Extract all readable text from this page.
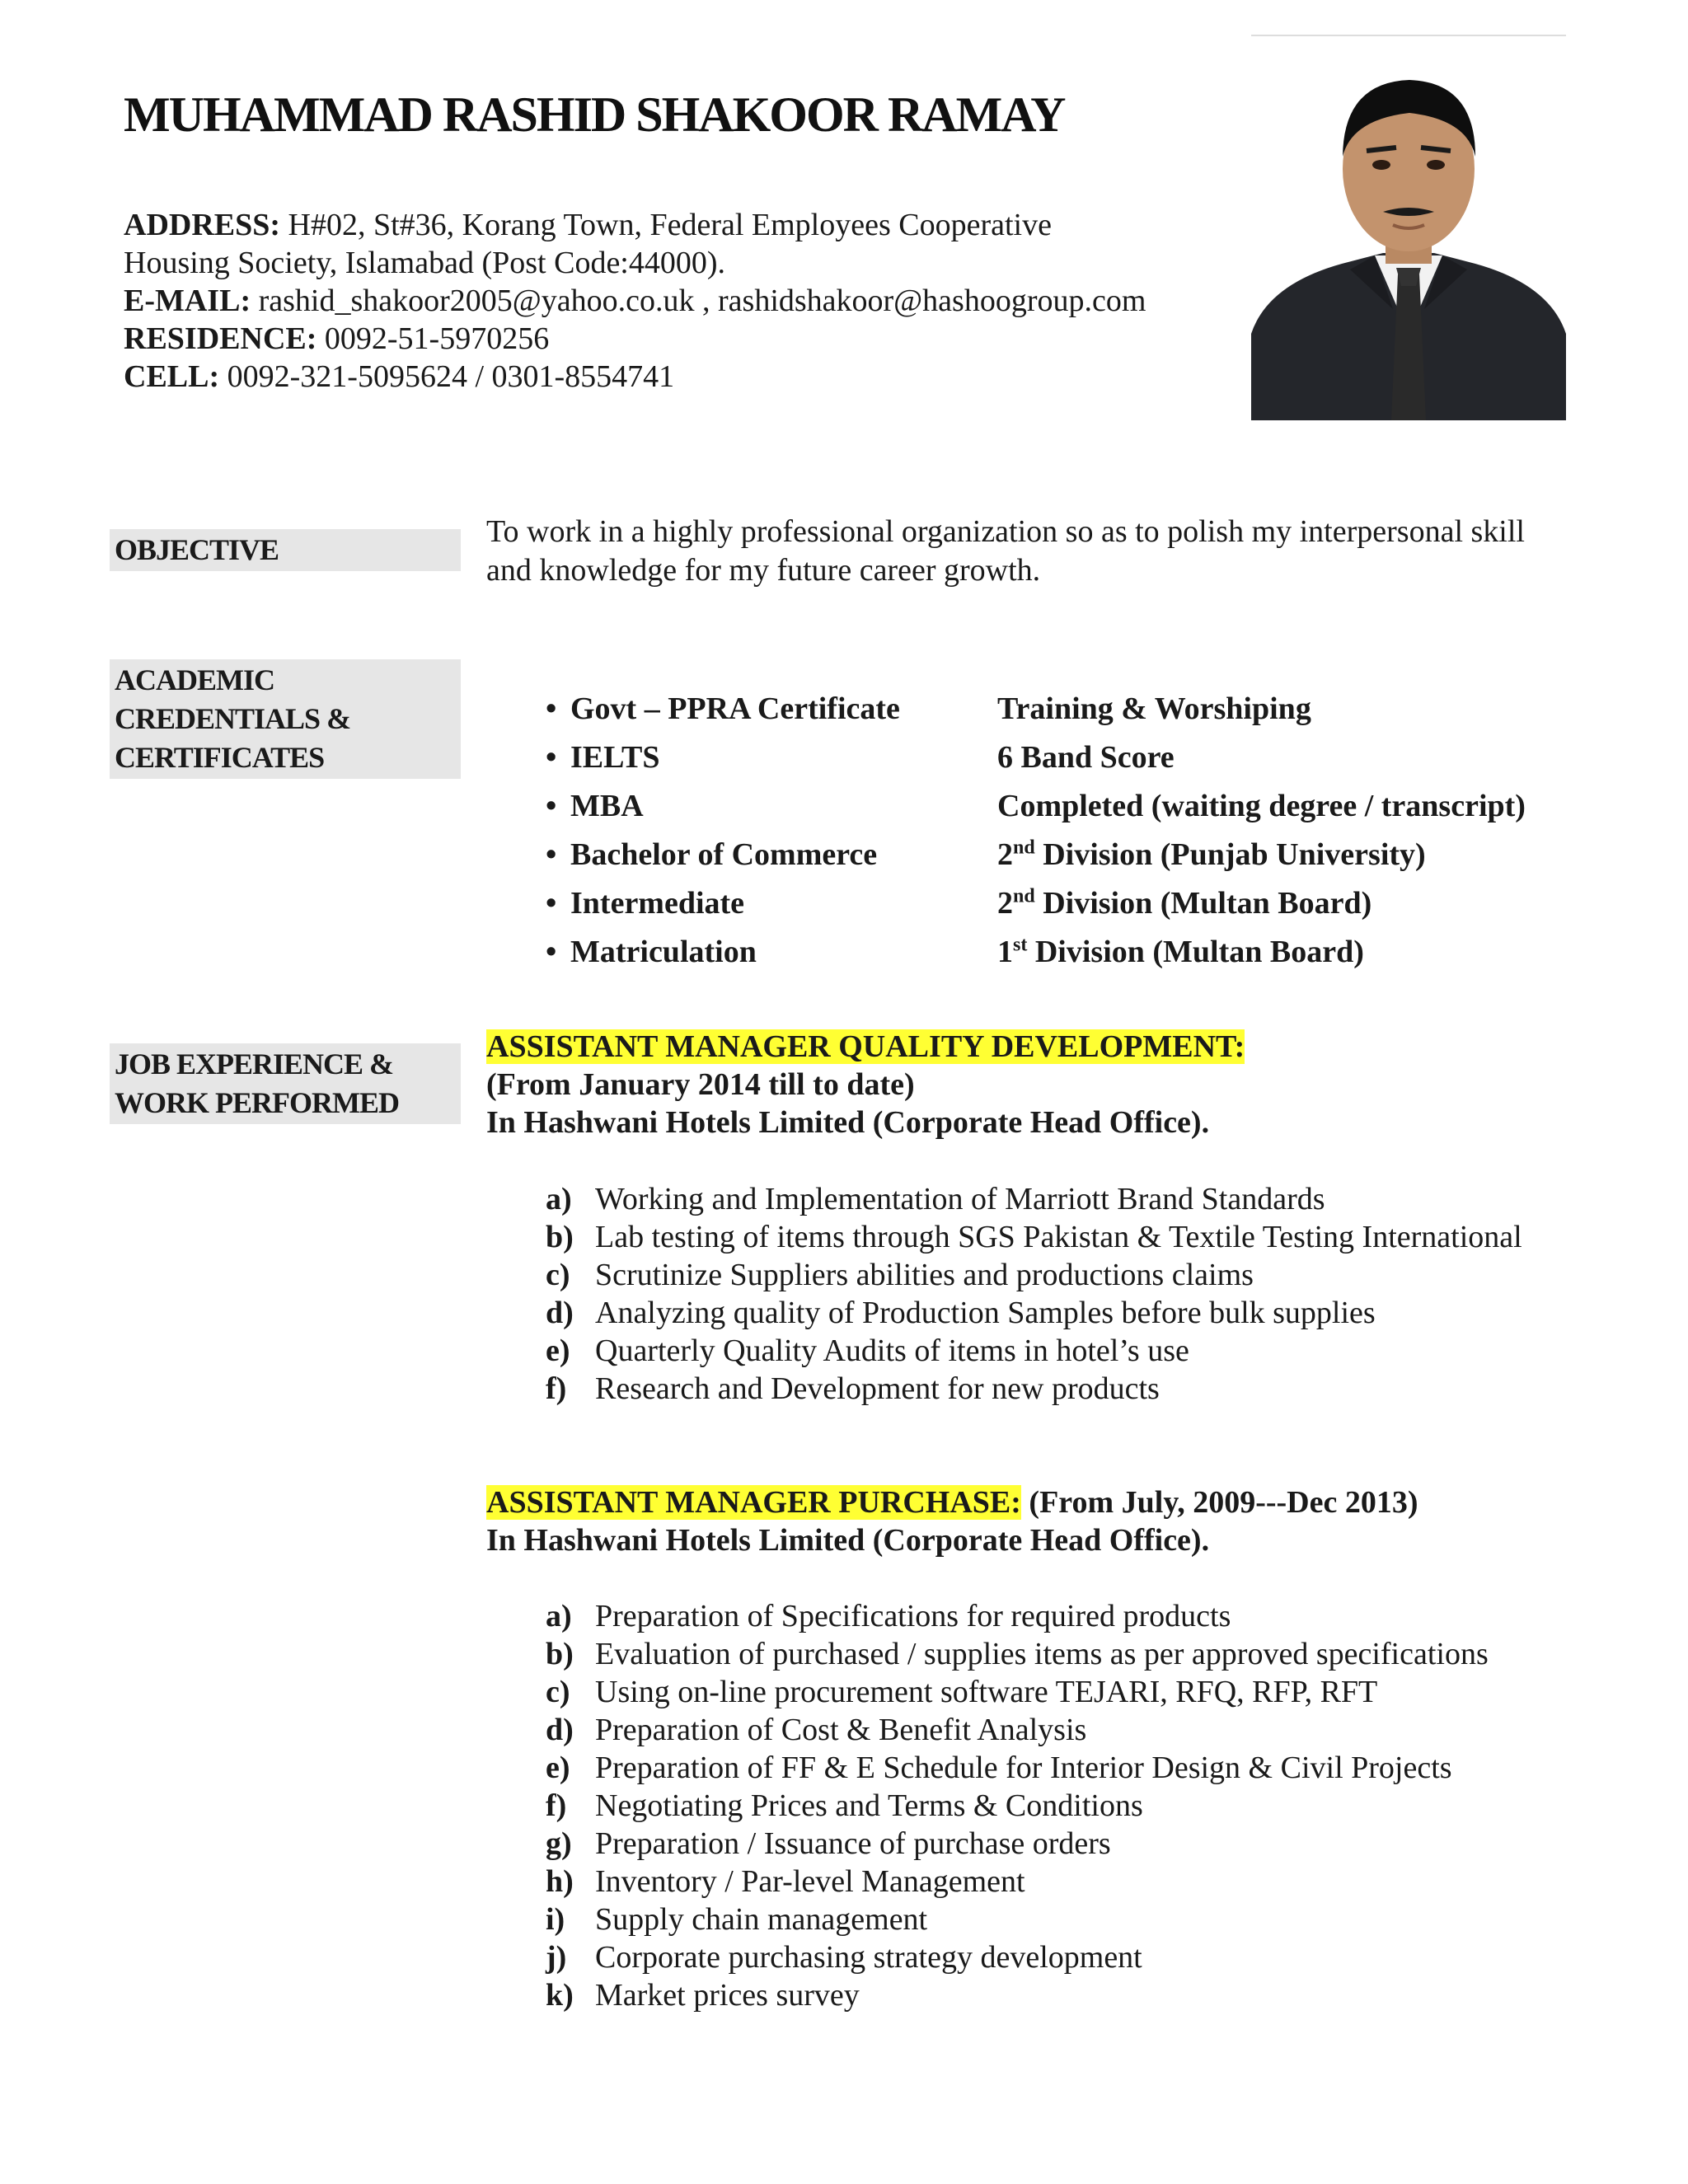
MUHAMMAD RASHID SHAKOOR RAMAY
ADDRESS: H#02, St#36, Korang Town, Federal Employees Cooperative
Housing Society, Islamabad (Post Code:44000).
E-MAIL: rashid_shakoor2005@yahoo.co.uk , rashidshakoor@hashoogroup.com
RESIDENCE: 0092-51-5970256
CELL: 0092-321-5095624 / 0301-8554741
OBJECTIVE
To work in a highly professional organization so as to polish my interpersonal skill
and knowledge for my future career growth.
ACADEMIC
CREDENTIALS &
CERTIFICATES
• Govt – PPRA Certificate	Training & Worshiping
• IELTS	6 Band Score
• MBA	Completed (waiting degree / transcript)
• Bachelor of Commerce	2nd Division (Punjab University)
• Intermediate	2nd Division (Multan Board)
• Matriculation	1st Division (Multan Board)
JOB EXPERIENCE &
WORK PERFORMED
ASSISTANT MANAGER QUALITY DEVELOPMENT:
(From January 2014 till to date)
In Hashwani Hotels Limited (Corporate Head Office).
a) Working and Implementation of Marriott Brand Standards
b) Lab testing of items through SGS Pakistan & Textile Testing International
c) Scrutinize Suppliers abilities and productions claims
d) Analyzing quality of Production Samples before bulk supplies
e) Quarterly Quality Audits of items in hotel’s use
f) Research and Development for new products
ASSISTANT MANAGER PURCHASE: (From July, 2009---Dec 2013)
In Hashwani Hotels Limited (Corporate Head Office).
a) Preparation of Specifications for required products
b) Evaluation of purchased / supplies items as per approved specifications
c) Using on-line procurement software TEJARI, RFQ, RFP, RFT
d) Preparation of Cost & Benefit Analysis
e) Preparation of FF & E Schedule for Interior Design & Civil Projects
f) Negotiating Prices and Terms & Conditions
g) Preparation / Issuance of purchase orders
h) Inventory / Par-level Management
i) Supply chain management
j) Corporate purchasing strategy development
k) Market prices survey
